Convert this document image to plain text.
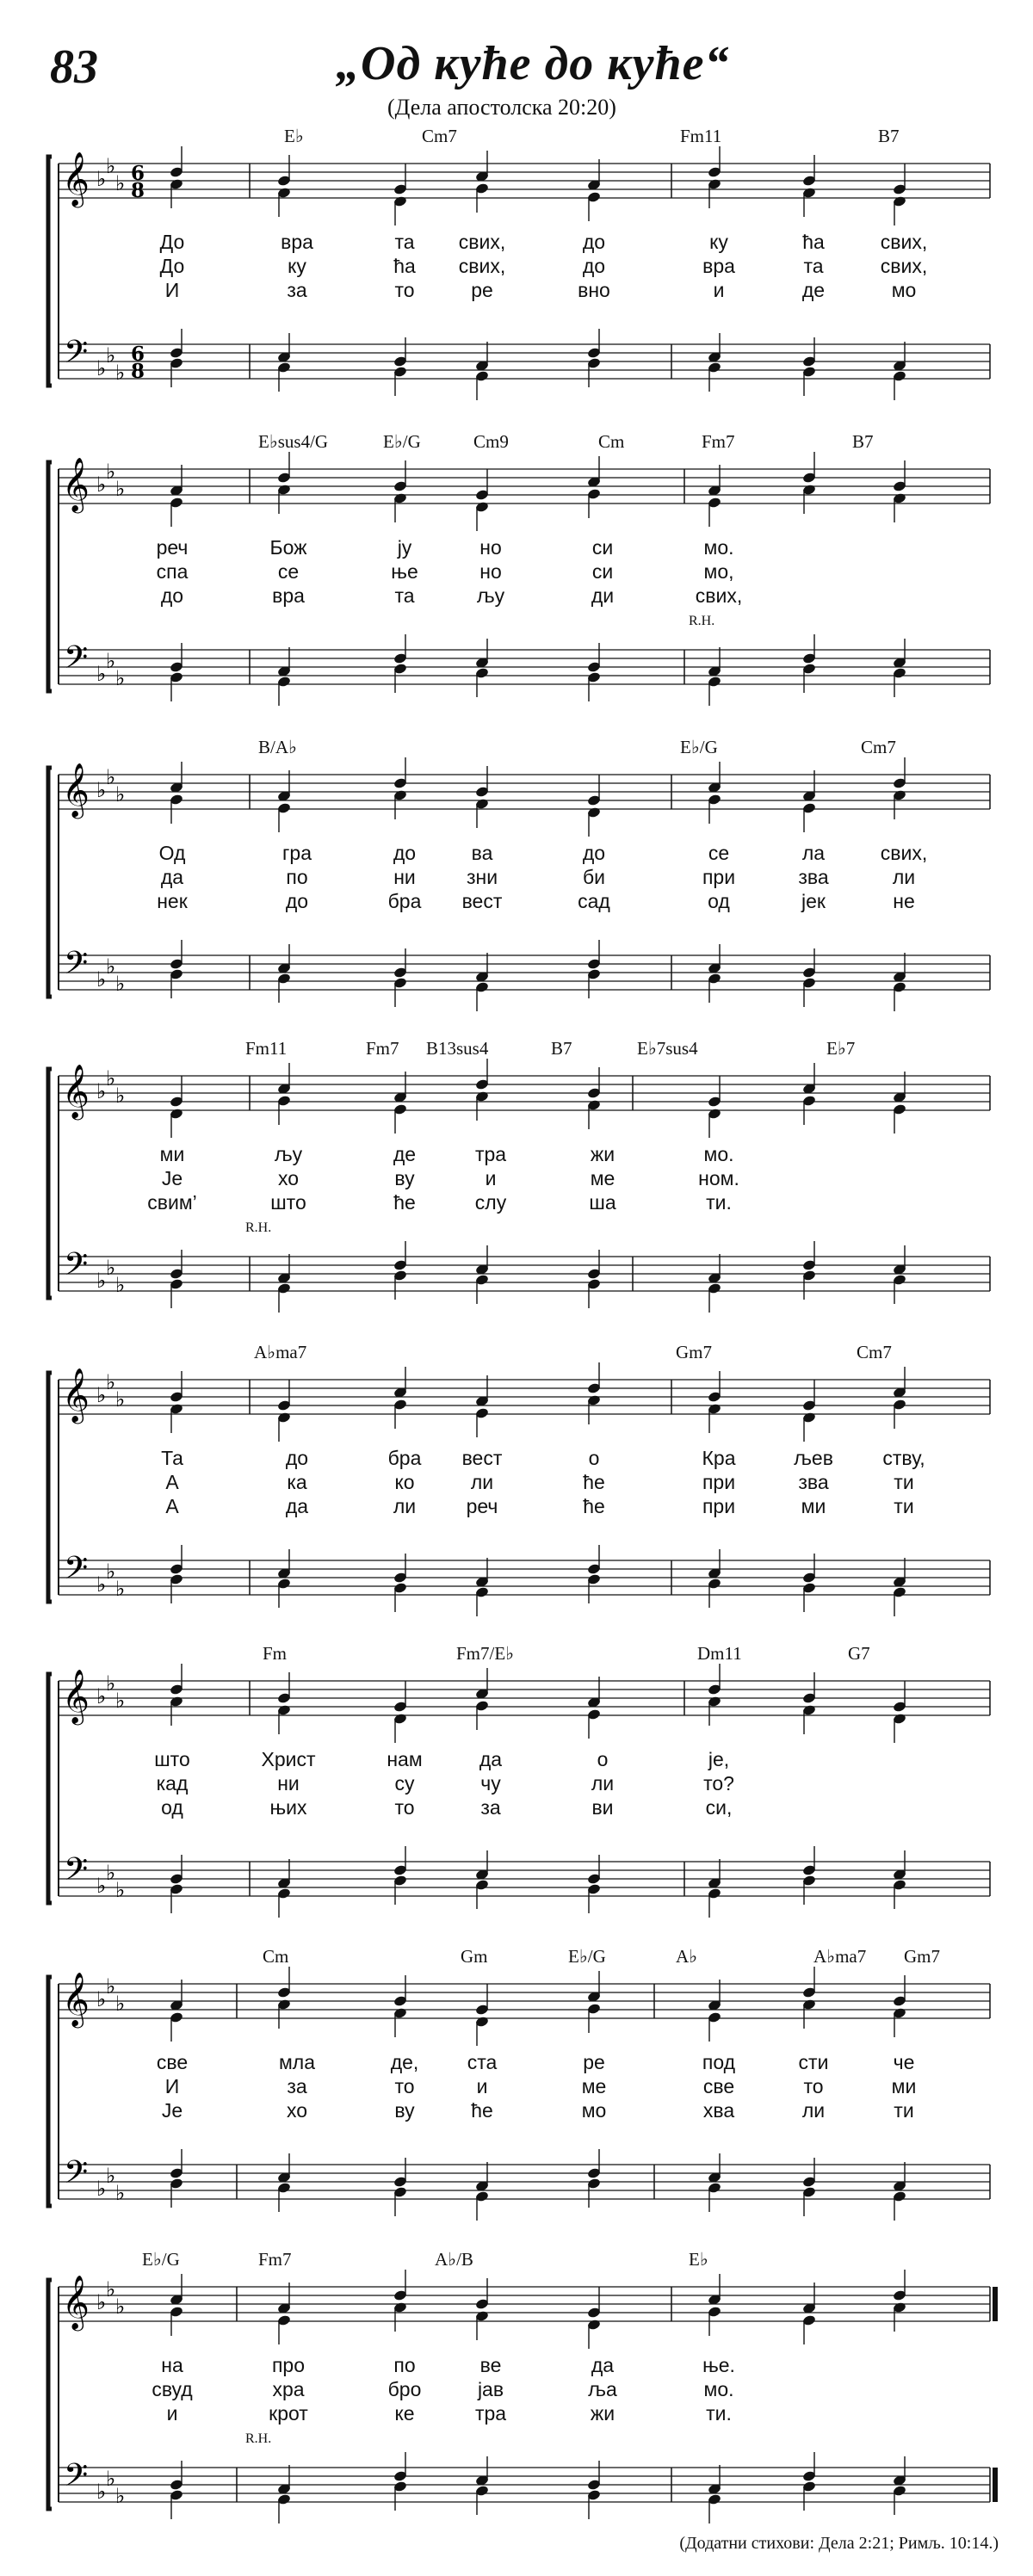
83	„Од куће до куће“
(Дела апостолска 20:20)
𝄞
𝄢
♭
♭
♭
♭
♭
♭
6
8
6
8
E♭	Cm7	Fm11	B7
До	вра	та свих,	до	ку	ћа	свих,
До	ку	ћа свих,	до	вра	та	свих,
И	за	то	ре	вно	и	де	мо
𝄞
𝄢
♭
♭
♭
♭
♭
♭
E♭sus4/G	E♭/G	Cm9	Cm	Fm7	B7
R.H.
реч	Бож	ју	но	си	мо.
спа	се	ње	но	си	мо,
до	вра	та	љу	ди	свих,
𝄞
𝄢
♭
♭
♭
♭
♭
♭
B/A♭	E♭/G	Cm7
Од	гра	до	ва	до	се	ла	свих,
да	по	ни	зни	би	при	зва	ли
нек	до	бра вест	сад	од	јек	не
𝄞
𝄢
♭
♭
♭
♭
♭
♭
Fm11	Fm7 B13sus4	B7	E♭7sus4	E♭7
R.H.
ми	љу	де	тра	жи	мо.
Је	хо	ву	и	ме	ном.
свим’	што	ће	слу	ша	ти.
𝄞
𝄢
♭
♭
♭
♭
♭
♭
A♭ma7	Gm7	Cm7
Та	до	бра вест	о	Кра	љев ству,
А	ка	ко	ли	ће	при	зва	ти
А	да	ли	реч	ће	при	ми	ти
𝄞
𝄢
♭
♭
♭
♭
♭
♭
Fm	Fm7/E♭	Dm11	G7
што	Христ	нам	да	о	је,
кад	ни	су	чу	ли	то?
од	њих	то	за	ви	си,
𝄞
𝄢
♭
♭
♭
♭
♭
♭
Cm	Gm	E♭/G	A♭	A♭ma7 Gm7
све	мла	де, ста	ре	под	сти	че
И	за	то	и	ме	све	то	ми
Је	хо	ву	ће	мо	хва	ли	ти
𝄞
𝄢
♭
♭
♭
♭
♭
♭
E♭/G	Fm7	A♭/B	E♭
R.H.
на	про	по	ве	да	ње.
свуд	хра	бро	јав	ља	мо.
и	крот	ке	тра	жи	ти.
(Додатни стихови: Дела 2:21; Римљ. 10:14.)
